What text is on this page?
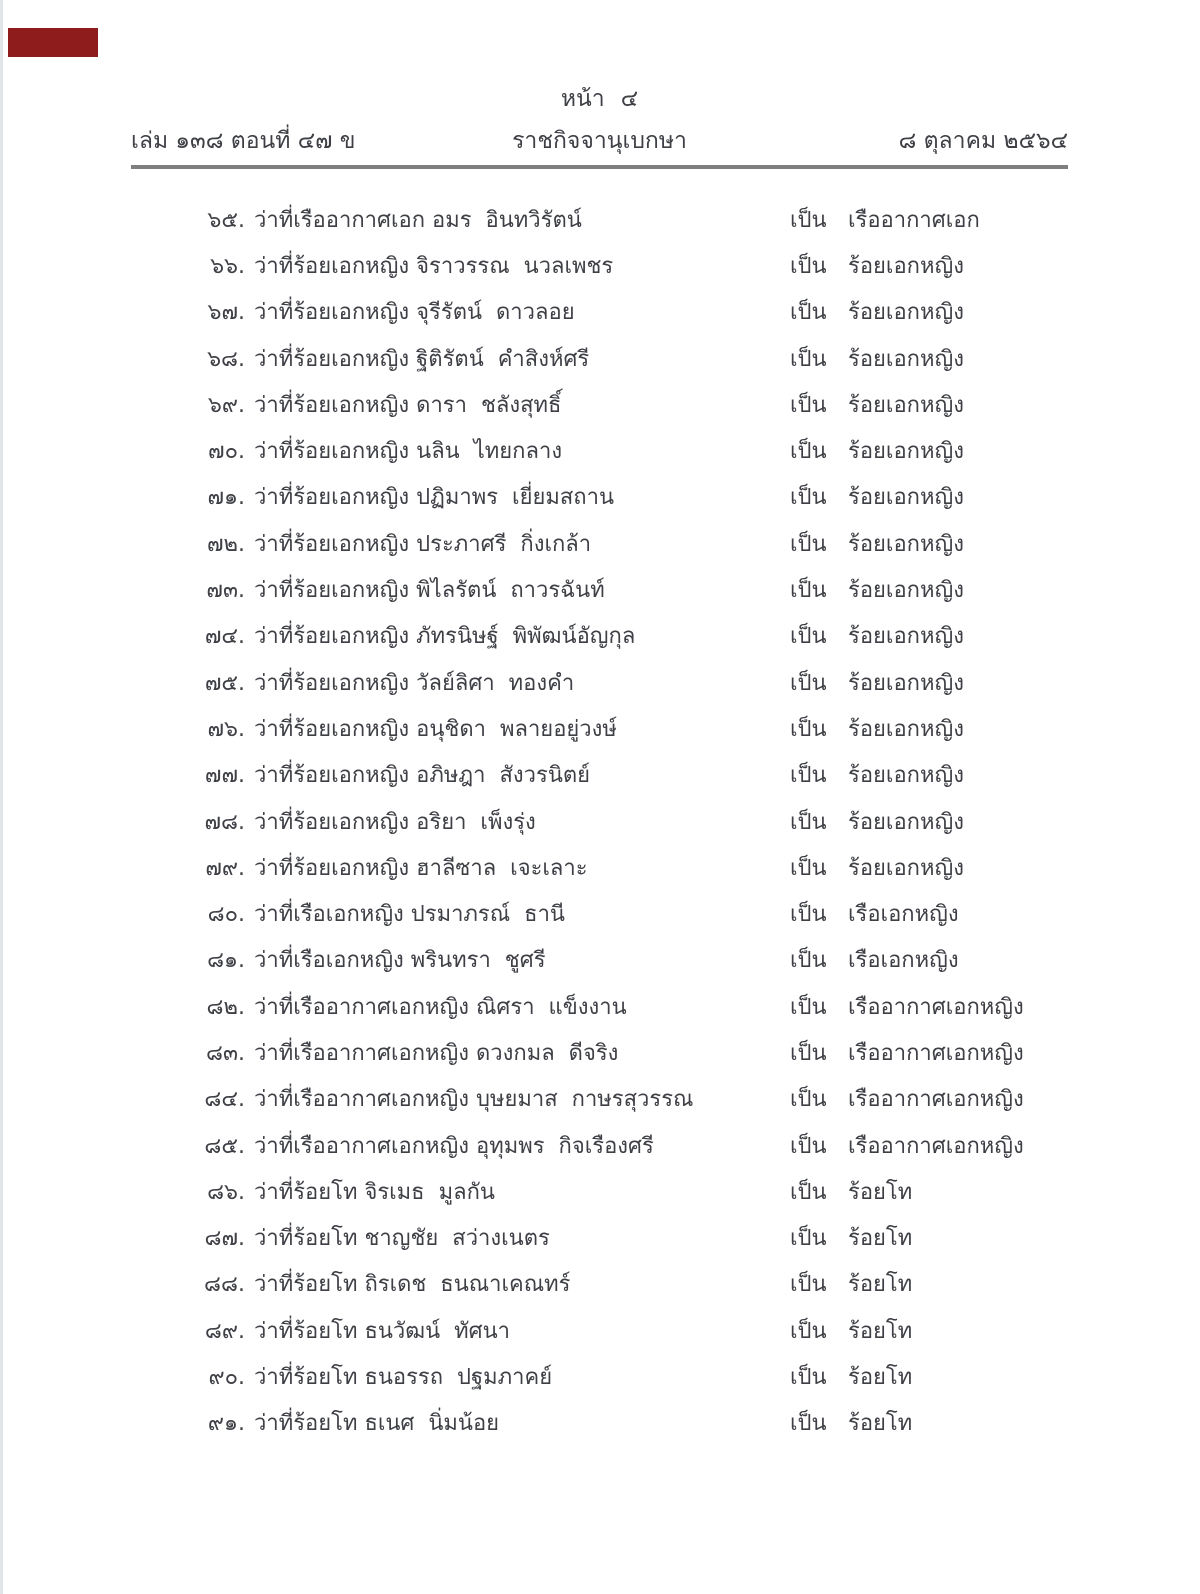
หน้า ๔
เล่ม ๑๓๘ ตอนที่ ๔๗ ข	ราชกิจจานุเบกษา	๘ ตุลาคม ๒๕๖๔
๖๕. ว่าที่เรืออากาศเอก อมร  อินทวิรัตน์	เป็น เรืออากาศเอก
๖๖. ว่าที่ร้อยเอกหญิง จิราวรรณ  นวลเพชร	เป็น ร้อยเอกหญิง
๖๗. ว่าที่ร้อยเอกหญิง จุรีรัตน์  ดาวลอย	เป็น ร้อยเอกหญิง
๖๘. ว่าที่ร้อยเอกหญิง ฐิติรัตน์  คำสิงห์ศรี	เป็น ร้อยเอกหญิง
๖๙. ว่าที่ร้อยเอกหญิง ดารา  ชลังสุทธิ์	เป็น ร้อยเอกหญิง
๗๐. ว่าที่ร้อยเอกหญิง นลิน  ไทยกลาง	เป็น ร้อยเอกหญิง
๗๑. ว่าที่ร้อยเอกหญิง ปฏิมาพร  เยี่ยมสถาน	เป็น ร้อยเอกหญิง
๗๒. ว่าที่ร้อยเอกหญิง ประภาศรี  กิ่งเกล้า	เป็น ร้อยเอกหญิง
๗๓. ว่าที่ร้อยเอกหญิง พิไลรัตน์  ถาวรฉันท์	เป็น ร้อยเอกหญิง
๗๔. ว่าที่ร้อยเอกหญิง ภัทรนิษฐ์  พิพัฒน์อัญกุล	เป็น ร้อยเอกหญิง
๗๕. ว่าที่ร้อยเอกหญิง วัลย์ลิศา  ทองคำ	เป็น ร้อยเอกหญิง
๗๖. ว่าที่ร้อยเอกหญิง อนุชิดา  พลายอยู่วงษ์	เป็น ร้อยเอกหญิง
๗๗. ว่าที่ร้อยเอกหญิง อภิษฎา  สังวรนิตย์	เป็น ร้อยเอกหญิง
๗๘. ว่าที่ร้อยเอกหญิง อริยา  เพ็งรุ่ง	เป็น ร้อยเอกหญิง
๗๙. ว่าที่ร้อยเอกหญิง ฮาลีซาล  เจะเลาะ	เป็น ร้อยเอกหญิง
๘๐. ว่าที่เรือเอกหญิง ปรมาภรณ์  ธานี	เป็น เรือเอกหญิง
๘๑. ว่าที่เรือเอกหญิง พรินทรา  ชูศรี	เป็น เรือเอกหญิง
๘๒. ว่าที่เรืออากาศเอกหญิง ณิศรา  แข็งงาน	เป็น เรืออากาศเอกหญิง
๘๓. ว่าที่เรืออากาศเอกหญิง ดวงกมล  ดีจริง	เป็น เรืออากาศเอกหญิง
๘๔. ว่าที่เรืออากาศเอกหญิง บุษยมาส  กาษรสุวรรณ	เป็น เรืออากาศเอกหญิง
๘๕. ว่าที่เรืออากาศเอกหญิง อุทุมพร  กิจเรืองศรี	เป็น เรืออากาศเอกหญิง
๘๖. ว่าที่ร้อยโท จิรเมธ  มูลกัน	เป็น ร้อยโท
๘๗. ว่าที่ร้อยโท ชาญชัย  สว่างเนตร	เป็น ร้อยโท
๘๘. ว่าที่ร้อยโท ถิรเดช  ธนณาเคณทร์	เป็น ร้อยโท
๘๙. ว่าที่ร้อยโท ธนวัฒน์  ทัศนา	เป็น ร้อยโท
๙๐. ว่าที่ร้อยโท ธนอรรถ  ปฐมภาคย์	เป็น ร้อยโท
๙๑. ว่าที่ร้อยโท ธเนศ  นิ่มน้อย	เป็น ร้อยโท
